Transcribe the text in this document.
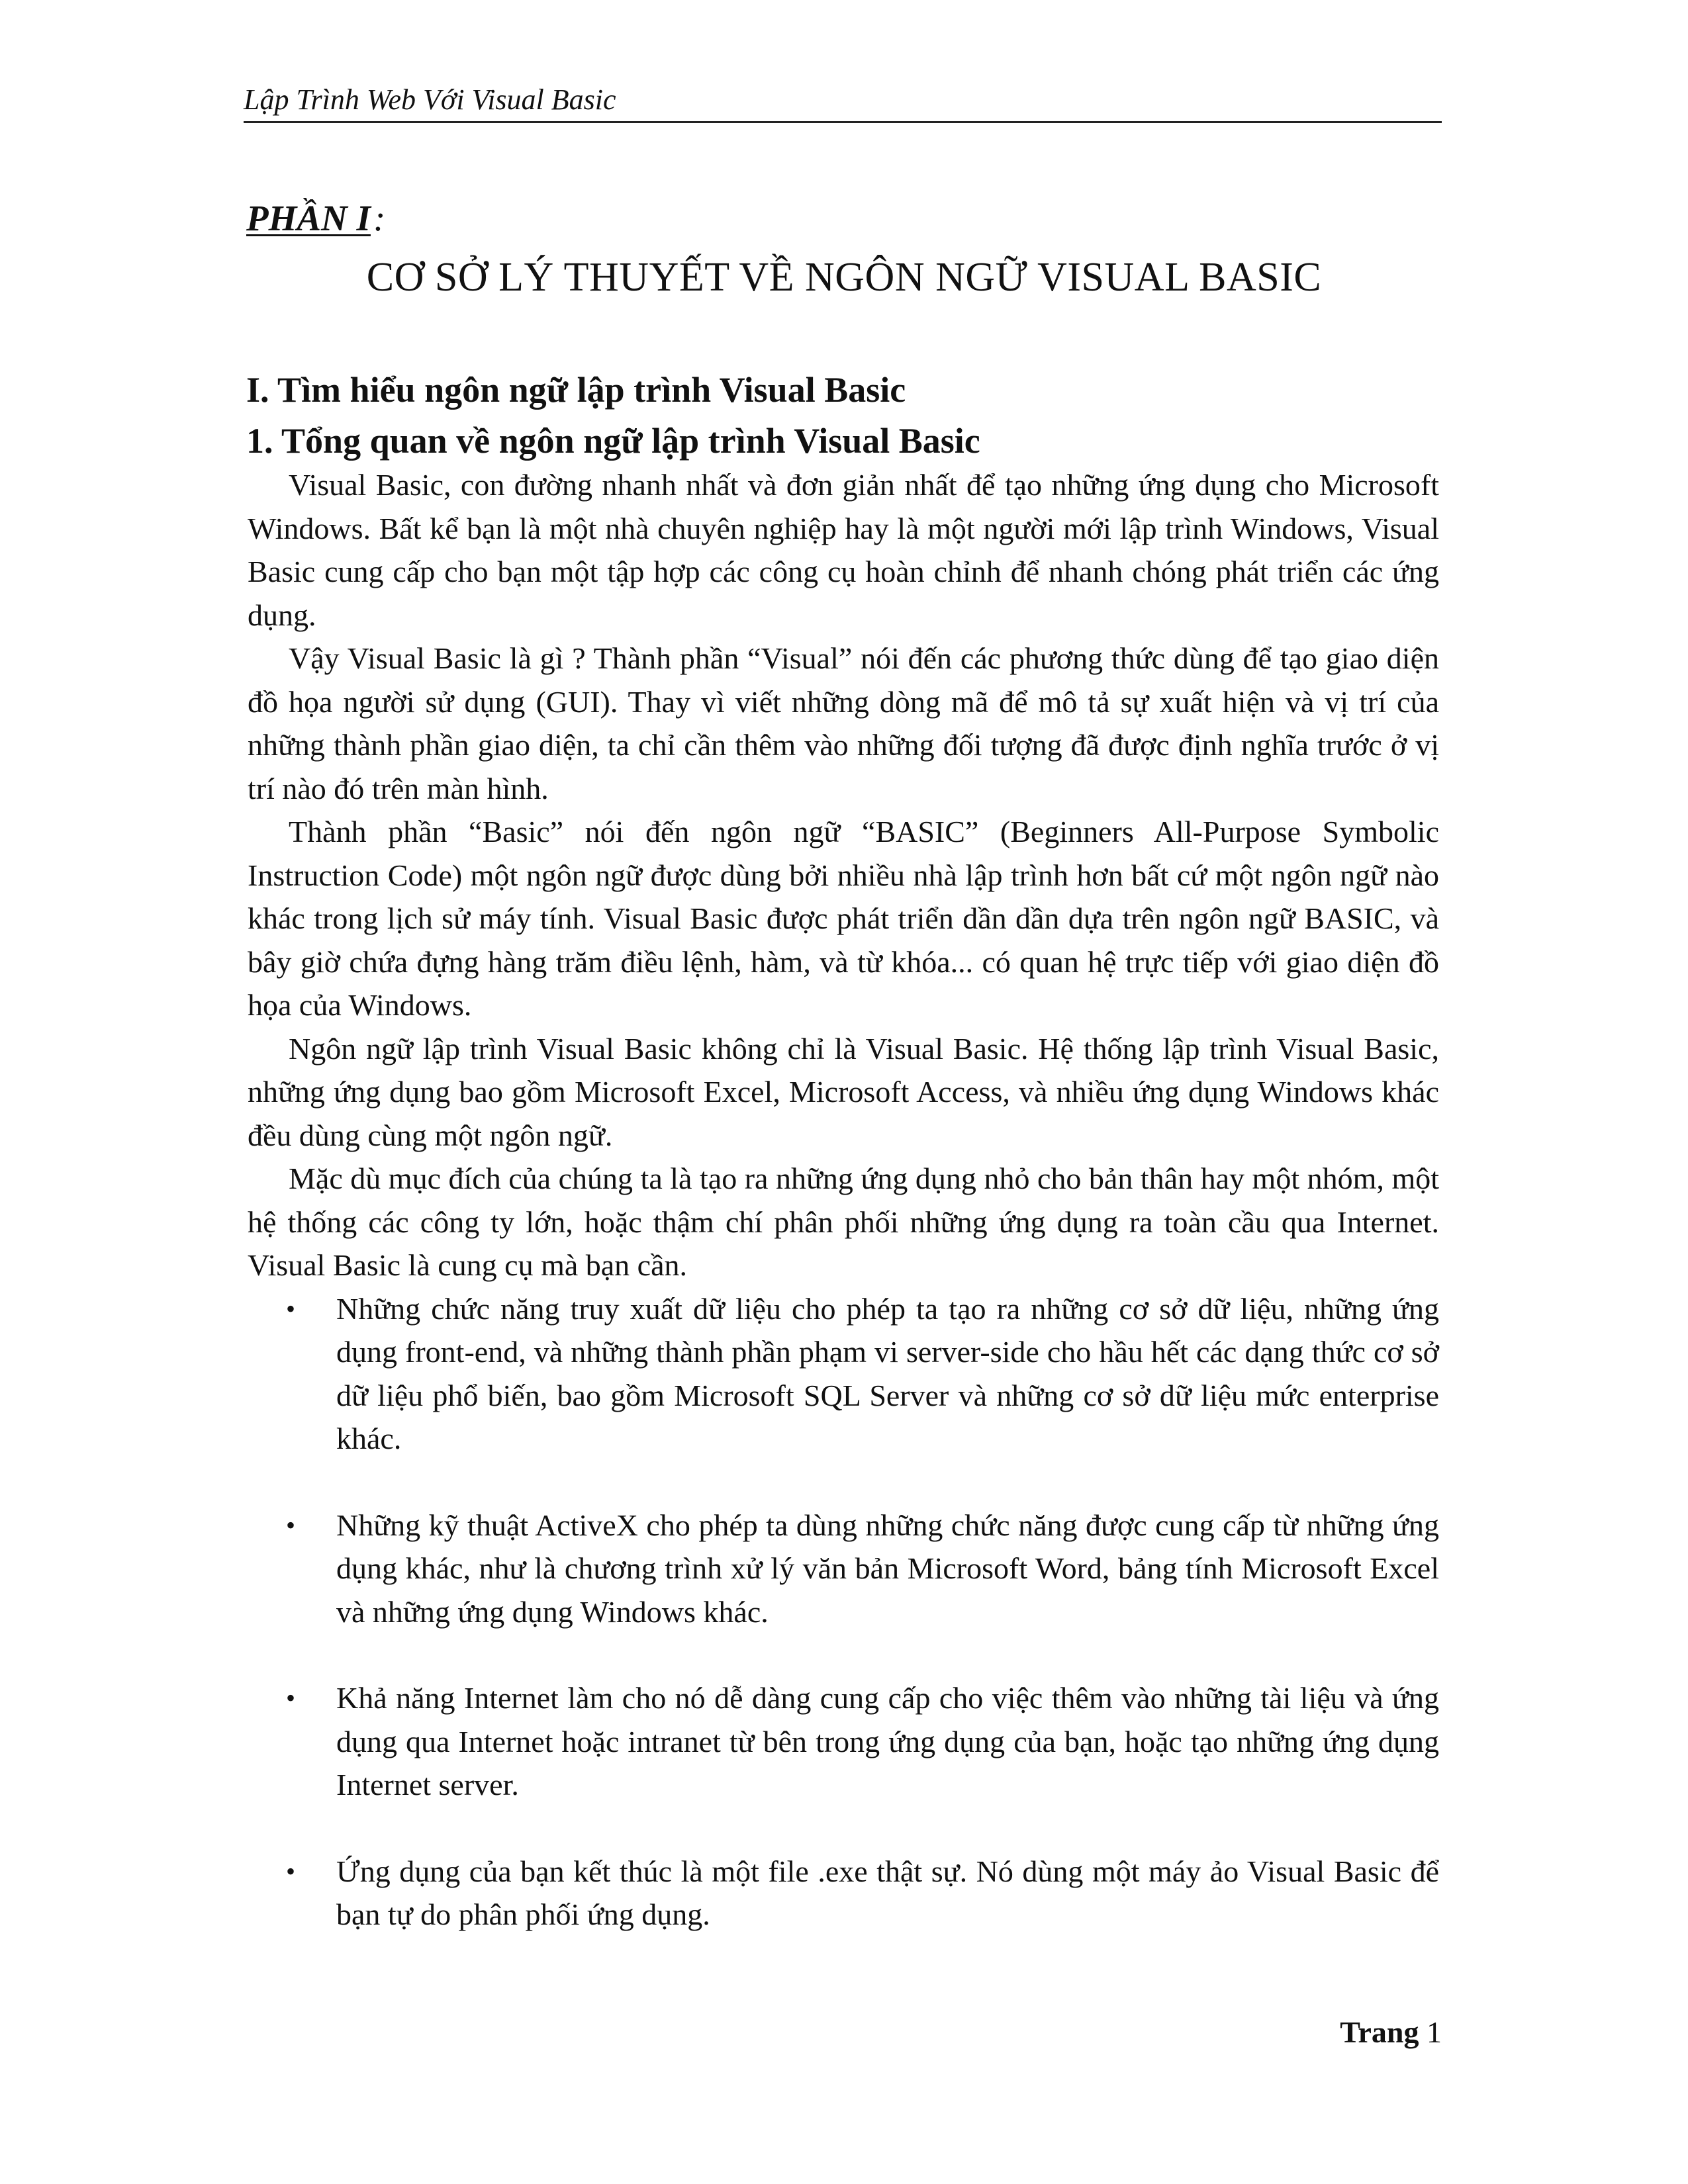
Lập Trình Web Với Visual Basic
PHẦN I:
CƠ SỞ LÝ THUYẾT VỀ NGÔN NGỮ VISUAL BASIC
I. Tìm hiểu ngôn ngữ lập trình Visual Basic
1. Tổng quan về ngôn ngữ lập trình Visual Basic

Visual Basic, con đường nhanh nhất và đơn giản nhất để tạo những ứng dụng cho Microsoft Windows. Bất kể bạn là một nhà chuyên nghiệp hay là một người mới lập trình Windows, Visual Basic cung cấp cho bạn một tập hợp các công cụ hoàn chỉnh để nhanh chóng phát triển các ứng dụng.

Vậy Visual Basic là gì ? Thành phần “Visual” nói đến các phương thức dùng để tạo giao diện đồ họa người sử dụng (GUI). Thay vì viết những dòng mã để mô tả sự xuất hiện và vị trí của những thành phần giao diện, ta chỉ cần thêm vào những đối tượng đã được định nghĩa trước ở vị trí nào đó trên màn hình.

Thành phần “Basic” nói đến ngôn ngữ “BASIC” (Beginners All-Purpose Symbolic Instruction Code) một ngôn ngữ được dùng bởi nhiều nhà lập trình hơn bất cứ một ngôn ngữ nào khác trong lịch sử máy tính. Visual Basic được phát triển dần dần dựa trên ngôn ngữ BASIC, và bây giờ chứa đựng hàng trăm điều lệnh, hàm, và từ khóa... có quan hệ trực tiếp với giao diện đồ họa của Windows.

Ngôn ngữ lập trình Visual Basic không chỉ là Visual Basic. Hệ thống lập trình Visual Basic, những ứng dụng bao gồm Microsoft Excel, Microsoft Access, và nhiều ứng dụng Windows khác đều dùng cùng một ngôn ngữ.

Mặc dù mục đích của chúng ta là tạo ra những ứng dụng nhỏ cho bản thân hay một nhóm, một hệ thống các công ty lớn, hoặc thậm chí phân phối những ứng dụng ra toàn cầu qua Internet. Visual Basic là cung cụ mà bạn cần.

• Những chức năng truy xuất dữ liệu cho phép ta tạo ra những cơ sở dữ liệu, những ứng dụng front-end, và những thành phần phạm vi server-side cho hầu hết các dạng thức cơ sở dữ liệu phổ biến, bao gồm Microsoft SQL Server và những cơ sở dữ liệu mức enterprise khác.
• Những kỹ thuật ActiveX cho phép ta dùng những chức năng được cung cấp từ những ứng dụng khác, như là chương trình xử lý văn bản Microsoft Word, bảng tính Microsoft Excel và những ứng dụng Windows khác.
• Khả năng Internet làm cho nó dễ dàng cung cấp cho việc thêm vào những tài liệu và ứng dụng qua Internet hoặc intranet từ bên trong ứng dụng của bạn, hoặc tạo những ứng dụng Internet server.
• Ứng dụng của bạn kết thúc là một file .exe thật sự. Nó dùng một máy ảo Visual Basic để bạn tự do phân phối ứng dụng.
Trang 1
